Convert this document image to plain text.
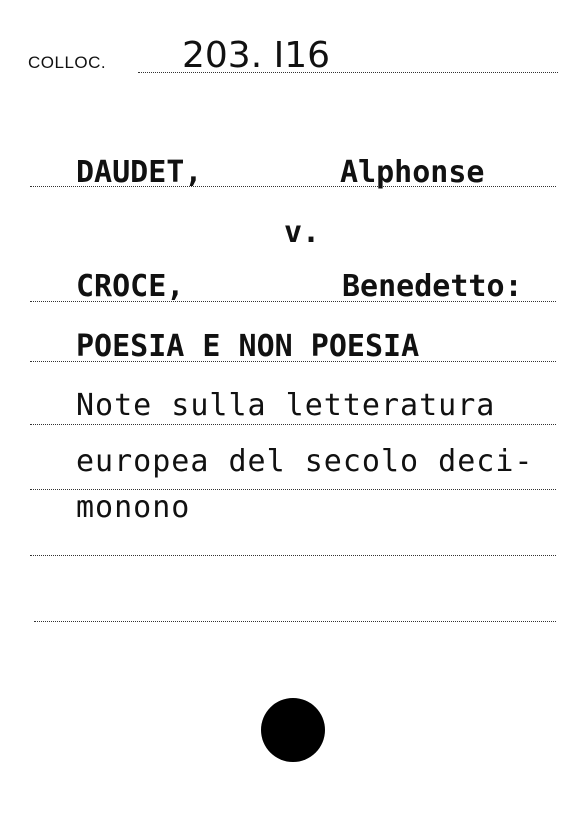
COLLOC. 203. I16
DAUDET,	Alphonse
v.
CROCE,	Benedetto:
POESIA E NON POESIA
Note sulla letteratura
europea del secolo deci-
monono
